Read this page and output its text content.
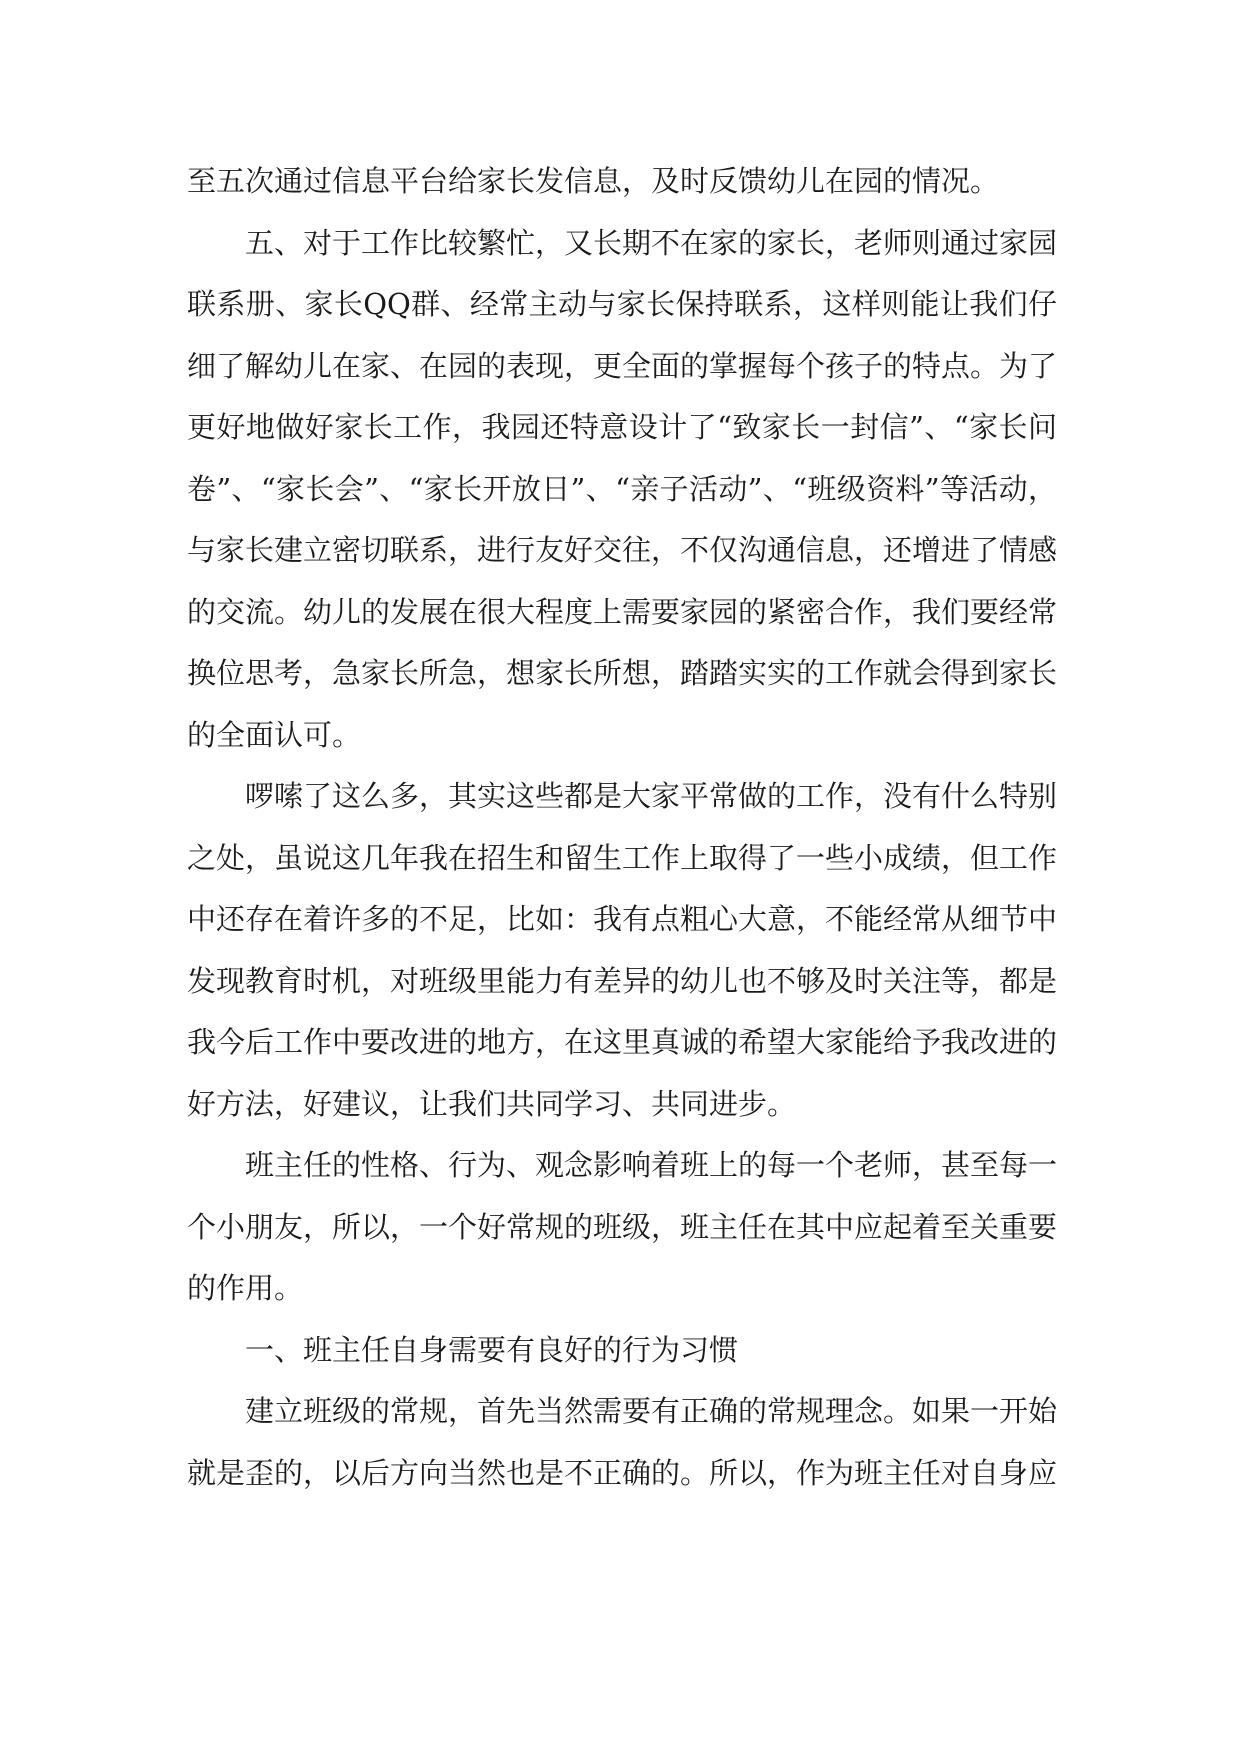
至五次通过信息平台给家长发信息，及时反馈幼儿在园的情况。

五、对于工作比较繁忙，又长期不在家的家长，老师则通过家园联系册、家长QQ群、经常主动与家长保持联系，这样则能让我们仔细了解幼儿在家、在园的表现，更全面的掌握每个孩子的特点。为了更好地做好家长工作，我园还特意设计了“致家长一封信”、“家长问卷”、“家长会”、“家长开放日”、“亲子活动”、“班级资料”等活动，与家长建立密切联系，进行友好交往，不仅沟通信息，还增进了情感的交流。幼儿的发展在很大程度上需要家园的紧密合作，我们要经常换位思考，急家长所急，想家长所想，踏踏实实的工作就会得到家长的全面认可。

啰嗦了这么多，其实这些都是大家平常做的工作，没有什么特别之处，虽说这几年我在招生和留生工作上取得了一些小成绩，但工作中还存在着许多的不足，比如：我有点粗心大意，不能经常从细节中发现教育时机，对班级里能力有差异的幼儿也不够及时关注等，都是我今后工作中要改进的地方，在这里真诚的希望大家能给予我改进的好方法，好建议，让我们共同学习、共同进步。

班主任的性格、行为、观念影响着班上的每一个老师，甚至每一个小朋友，所以，一个好常规的班级，班主任在其中应起着至关重要的作用。

一、班主任自身需要有良好的行为习惯

建立班级的常规，首先当然需要有正确的常规理念。如果一开始就是歪的，以后方向当然也是不正确的。所以，作为班主任对自身应
